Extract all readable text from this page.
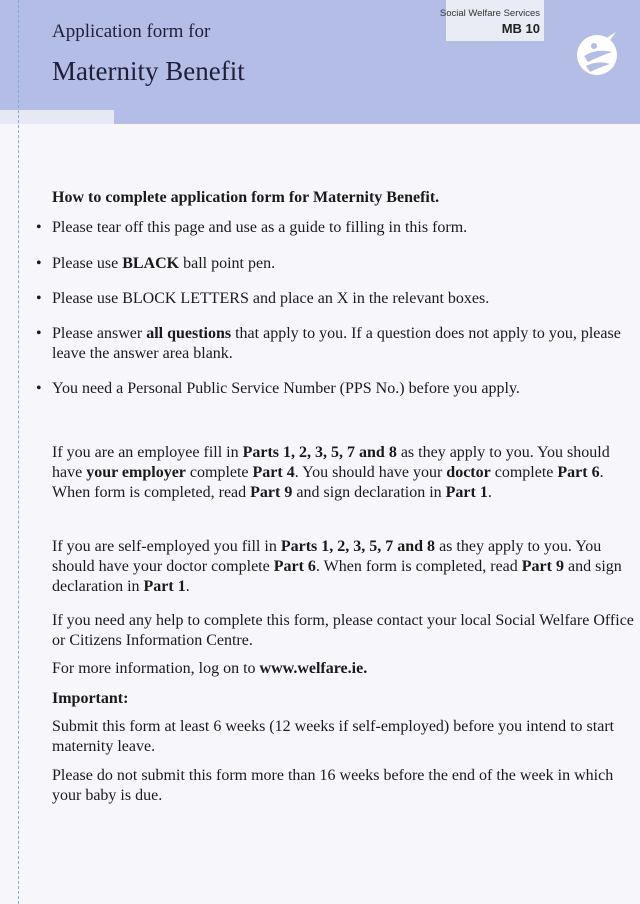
Application form for
Maternity Benefit
Social Welfare Services
MB 10
How to complete application form for Maternity Benefit.
• Please tear off this page and use as a guide to filling in this form.
• Please use BLACK ball point pen.
• Please use BLOCK LETTERS and place an X in the relevant boxes.
• Please answer all questions that apply to you. If a question does not apply to you, please leave the answer area blank.
• You need a Personal Public Service Number (PPS No.) before you apply.
If you are an employee fill in Parts 1, 2, 3, 5, 7 and 8 as they apply to you. You should have your employer complete Part 4. You should have your doctor complete Part 6. When form is completed, read Part 9 and sign declaration in Part 1.
If you are self-employed you fill in Parts 1, 2, 3, 5, 7 and 8 as they apply to you. You should have your doctor complete Part 6. When form is completed, read Part 9 and sign declaration in Part 1.
If you need any help to complete this form, please contact your local Social Welfare Office or Citizens Information Centre.
For more information, log on to www.welfare.ie.
Important:
Submit this form at least 6 weeks (12 weeks if self-employed) before you intend to start maternity leave.
Please do not submit this form more than 16 weeks before the end of the week in which your baby is due.
